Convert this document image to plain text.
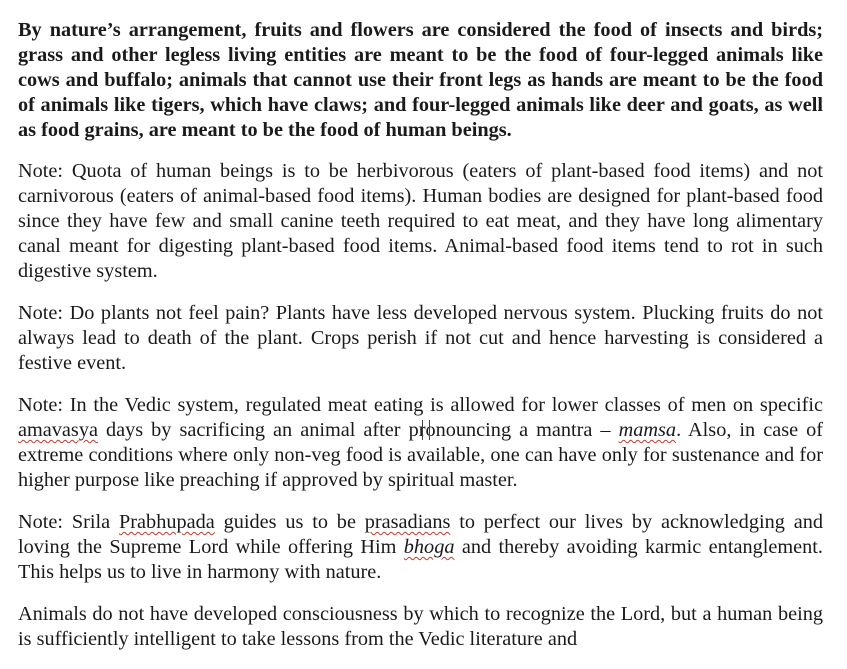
By nature’s arrangement, fruits and flowers are considered the food of insects and birds; grass and other legless living entities are meant to be the food of four-legged animals like cows and buffalo; animals that cannot use their front legs as hands are meant to be the food of animals like tigers, which have claws; and four-legged animals like deer and goats, as well as food grains, are meant to be the food of human beings.

Note: Quota of human beings is to be herbivorous (eaters of plant-based food items) and not carnivorous (eaters of animal-based food items). Human bodies are designed for plant-based food since they have few and small canine teeth required to eat meat, and they have long alimentary canal meant for digesting plant-based food items. Animal-based food items tend to rot in such digestive system.

Note: Do plants not feel pain? Plants have less developed nervous system. Plucking fruits do not always lead to death of the plant. Crops perish if not cut and hence harvesting is considered a festive event.

Note: In the Vedic system, regulated meat eating is allowed for lower classes of men on specific amavasya days by sacrificing an animal after pronouncing a mantra – mamsa. Also, in case of extreme conditions where only non-veg food is available, one can have only for sustenance and for higher purpose like preaching if approved by spiritual master.

Note: Srila Prabhupada guides us to be prasadians to perfect our lives by acknowledging and loving the Supreme Lord while offering Him bhoga and thereby avoiding karmic entanglement. This helps us to live in harmony with nature.

Animals do not have developed consciousness by which to recognize the Lord, but a human being is sufficiently intelligent to take lessons from the Vedic literature and
